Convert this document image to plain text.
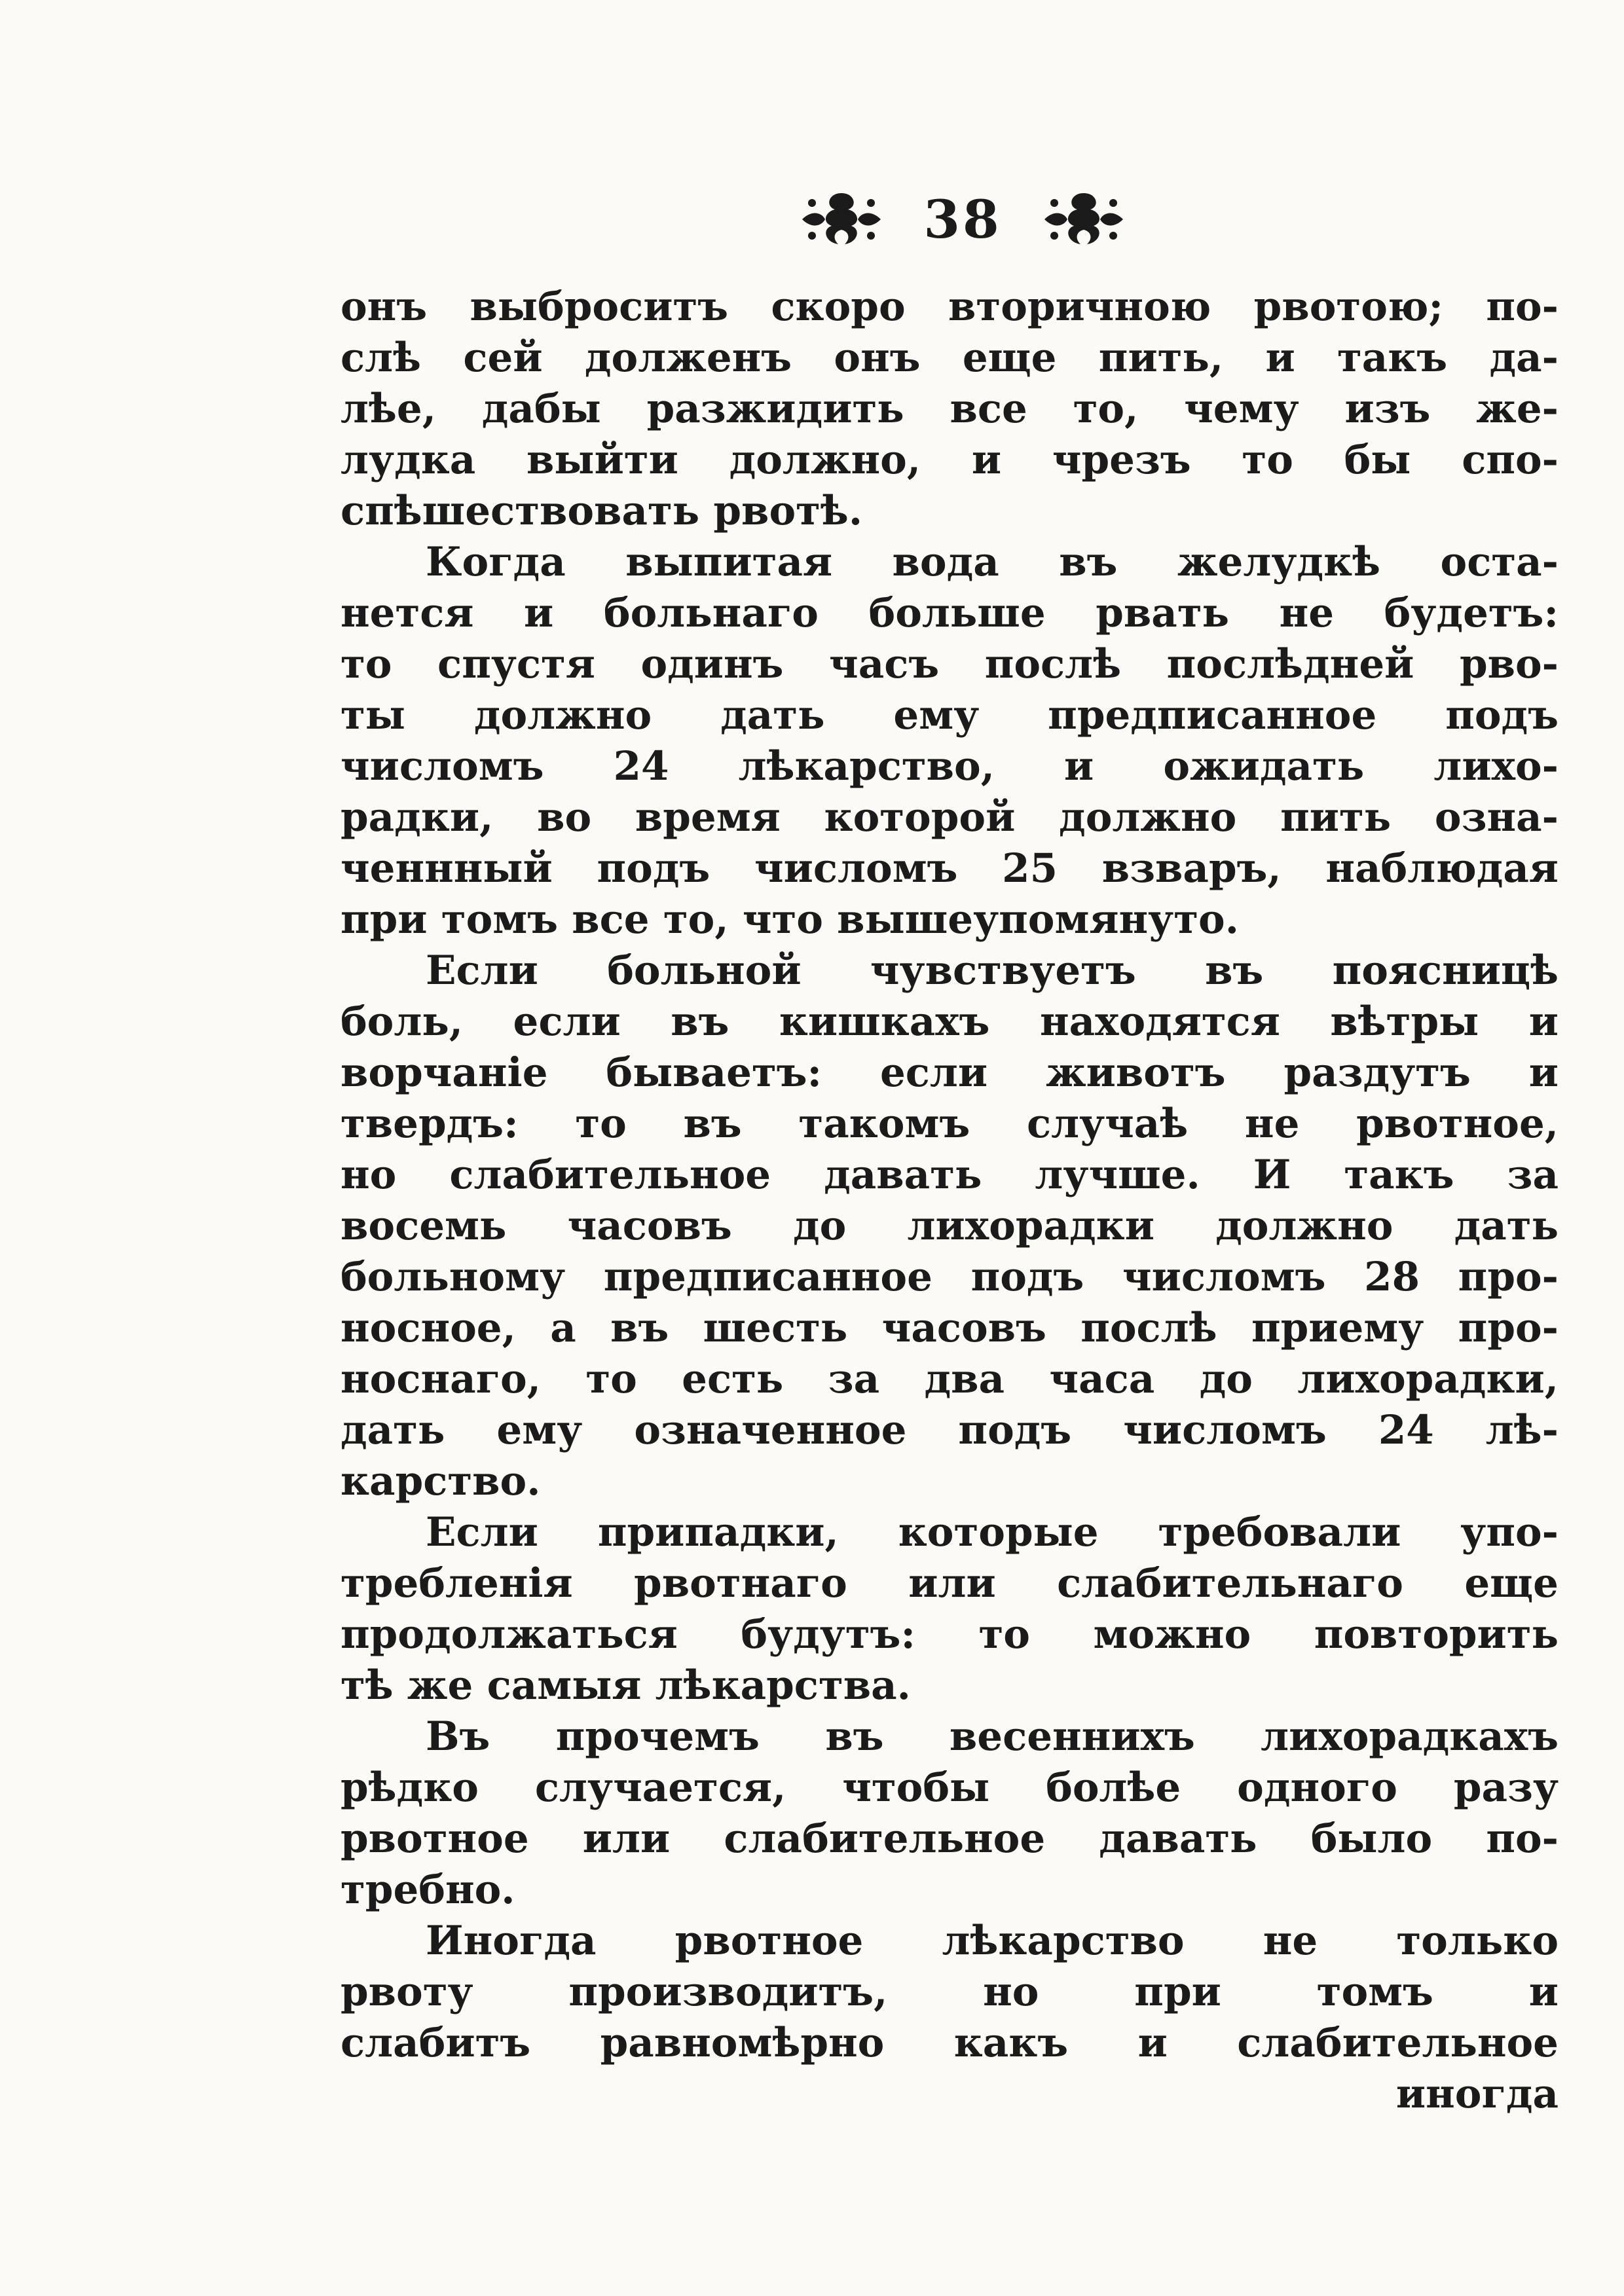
38
онъ выброситъ скоро вторичною рвотою; по-
слѣ сей долженъ онъ еще пить, и такъ да-
лѣе, дабы разжидить все то, чему изъ же-
лудка выйти должно, и чрезъ то бы спо-
спѣшествовать рвотѣ.
Когда выпитая вода въ желудкѣ оста-
нется и больнаго больше рвать не будетъ:
то спустя одинъ часъ послѣ послѣдней рво-
ты должно дать ему предписанное подъ
числомъ 24 лѣкарство, и ожидать лихо-
радки, во время которой должно пить озна-
ченнный подъ числомъ 25 взваръ, наблюдая
при томъ все то, что вышеупомянуто.
Если больной чувствуетъ въ поясницѣ
боль, если въ кишкахъ находятся вѣтры и
ворчаніе бываетъ: если животъ раздутъ и
твердъ: то въ такомъ случаѣ не рвотное,
но слабительное давать лучше. И такъ за
восемь часовъ до лихорадки должно дать
больному предписанное подъ числомъ 28 про-
носное, а въ шесть часовъ послѣ приему про-
носнаго, то есть за два часа до лихорадки,
дать ему означенное подъ числомъ 24 лѣ-
карство.
Если припадки, которые требовали упо-
требленія рвотнаго или слабительнаго еще
продолжаться будутъ: то можно повторить
тѣ же самыя лѣкарства.
Въ прочемъ въ весеннихъ лихорадкахъ
рѣдко случается, чтобы болѣе одного разу
рвотное или слабительное давать было по-
требно.
Иногда рвотное лѣкарство не только
рвоту производитъ, но при томъ и
слабитъ равномѣрно какъ и слабительное
иногда
